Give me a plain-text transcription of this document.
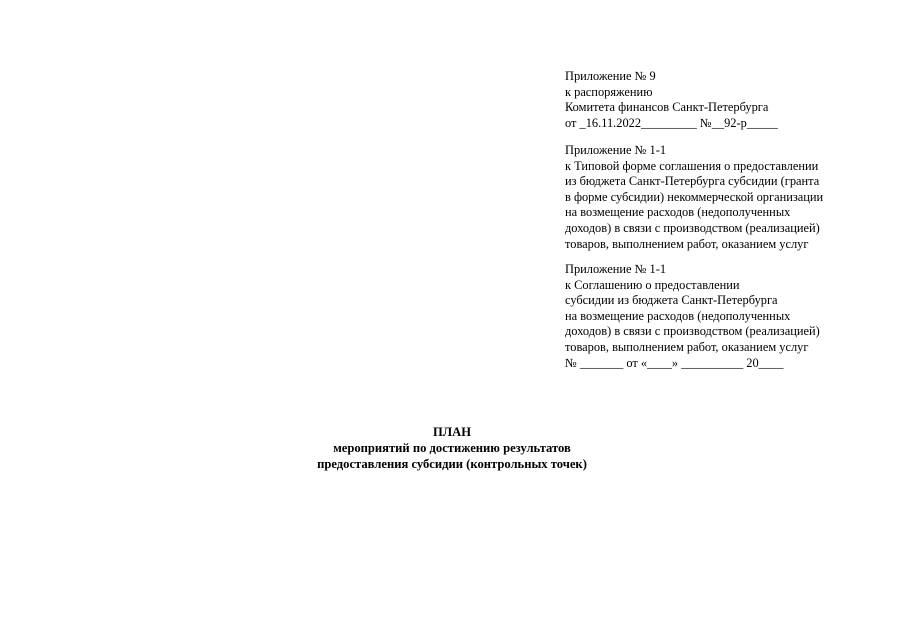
Приложение № 9
к распоряжению
Комитета финансов Санкт-Петербурга
от _16.11.2022_________ №__92-р_____
Приложение № 1-1
к Типовой форме соглашения о предоставлении
из бюджета Санкт-Петербурга субсидии (гранта
в форме субсидии) некоммерческой организации
на возмещение расходов (недополученных
доходов) в связи с производством (реализацией)
товаров, выполнением работ, оказанием услуг
Приложение № 1-1
к Соглашению о предоставлении
субсидии из бюджета Санкт-Петербурга
на возмещение расходов (недополученных
доходов) в связи с производством (реализацией)
товаров, выполнением работ, оказанием услуг
№ _______ от «____» __________ 20____
ПЛАН
мероприятий по достижению результатов
предоставления субсидии (контрольных точек)
